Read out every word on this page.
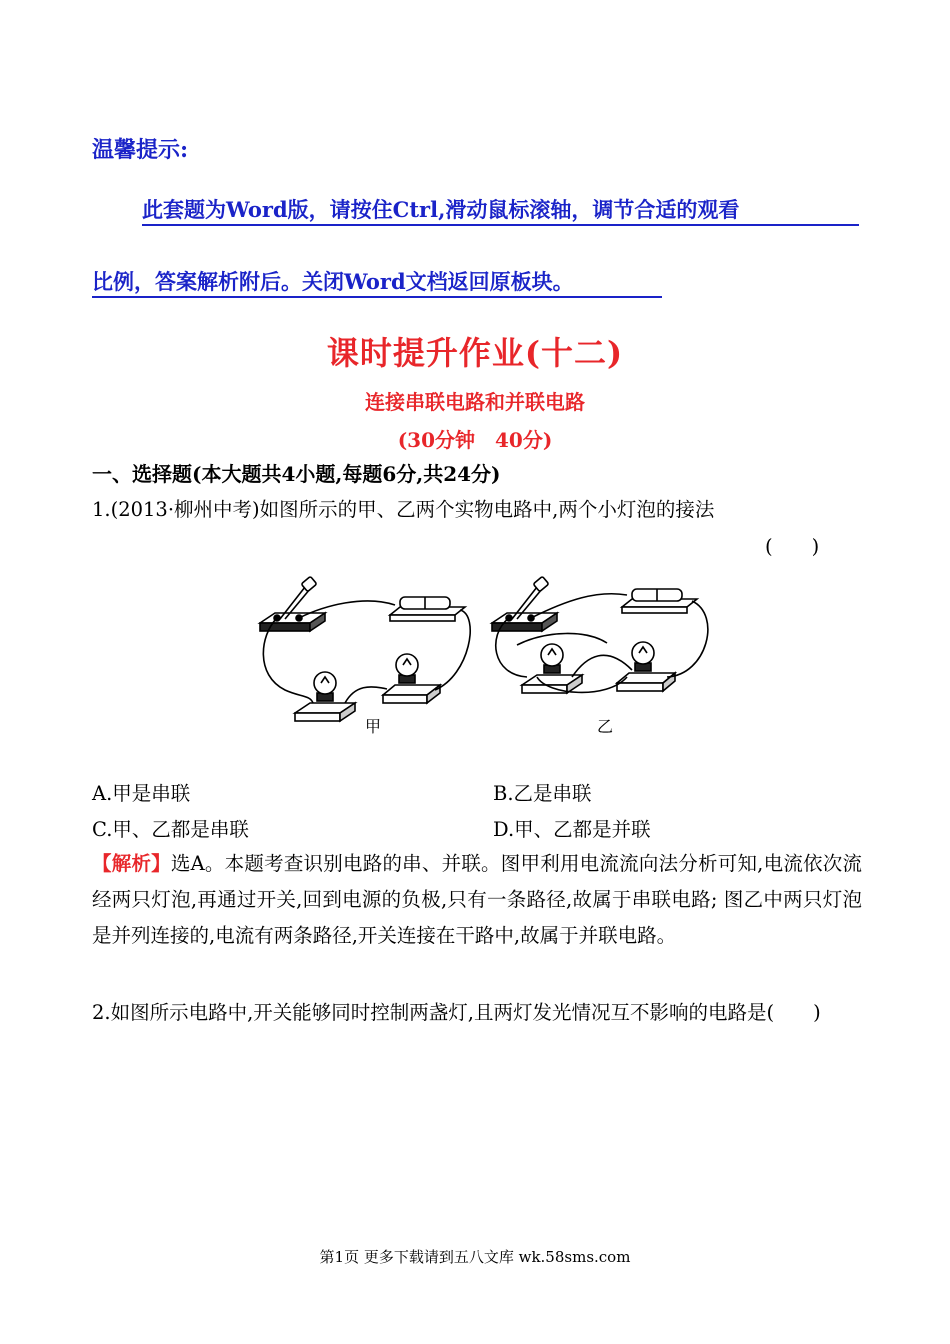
温馨提示:
此套题为Word版，请按住Ctrl,滑动鼠标滚轴，调节合适的观看
比例，答案解析附后。关闭Word文档返回原板块。
课时提升作业(十二)
连接串联电路和并联电路
(30分钟　40分)
一、选择题(本大题共4小题,每题6分,共24分)
1.(2013·柳州中考)如图所示的甲、乙两个实物电路中,两个小灯泡的接法
(　　)
甲	乙
A.甲是串联	B.乙是串联
C.甲、乙都是串联	D.甲、乙都是并联
【解析】选A。本题考查识别电路的串、并联。图甲利用电流流向法分析可知,电流依次流经两只灯泡,再通过开关,回到电源的负极,只有一条路径,故属于串联电路; 图乙中两只灯泡是并列连接的,电流有两条路径,开关连接在干路中,故属于并联电路。
2.如图所示电路中,开关能够同时控制两盏灯,且两灯发光情况互不影响的电路是(　　)
第1页 更多下载请到五八文库 wk.58sms.com
